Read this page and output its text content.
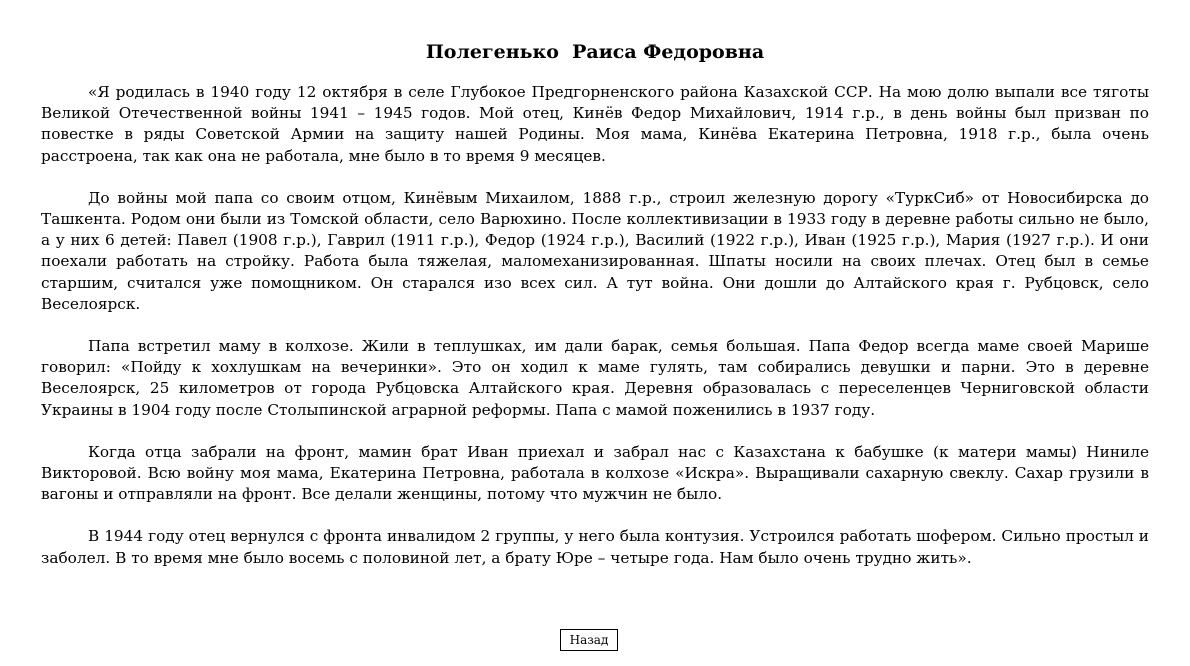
Полегенько  Раиса Федоровна

«Я родилась в 1940 году 12 октября в селе Глубокое Предгорненского района Казахской ССР. На мою долю выпали все тяготы Великой Отечественной войны 1941 – 1945 годов. Мой отец, Кинёв Федор Михайлович, 1914 г.р., в день войны был призван по повестке в ряды Советской Армии на защиту нашей Родины. Моя мама, Кинёва Екатерина Петровна, 1918 г.р., была очень расстроена, так как она не работала, мне было в то время 9 месяцев.

До войны мой папа со своим отцом, Кинёвым Михаилом, 1888 г.р., строил железную дорогу «ТуркСиб» от Новосибирска до Ташкента. Родом они были из Томской области, село Варюхино. После коллективизации в 1933 году в деревне работы сильно не было, а у них 6 детей: Павел (1908 г.р.), Гаврил (1911 г.р.), Федор (1924 г.р.), Василий (1922 г.р.), Иван (1925 г.р.), Мария (1927 г.р.). И они поехали работать на стройку. Работа была тяжелая, маломеханизированная. Шпаты носили на своих плечах. Отец был в семье старшим, считался уже помощником. Он старался изо всех сил. А тут война. Они дошли до Алтайского края г. Рубцовск, село Веселоярск.

Папа встретил маму в колхозе. Жили в теплушках, им дали барак, семья большая. Папа Федор всегда маме своей Марише говорил: «Пойду к хохлушкам на вечеринки». Это он ходил к маме гулять, там собирались девушки и парни. Это в деревне Веселоярск, 25 километров от города Рубцовска Алтайского края. Деревня образовалась с переселенцев Черниговской области Украины в 1904 году после Столыпинской аграрной реформы. Папа с мамой поженились в 1937 году.

Когда отца забрали на фронт, мамин брат Иван приехал и забрал нас с Казахстана к бабушке (к матери мамы) Ниниле Викторовой. Всю войну моя мама, Екатерина Петровна, работала в колхозе «Искра». Выращивали сахарную свеклу. Сахар грузили в вагоны и отправляли на фронт. Все делали женщины, потому что мужчин не было.

В 1944 году отец вернулся с фронта инвалидом 2 группы, у него была контузия. Устроился работать шофером. Сильно простыл и заболел. В то время мне было восемь с половиной лет, а брату Юре – четыре года. Нам было очень трудно жить».

Назад
